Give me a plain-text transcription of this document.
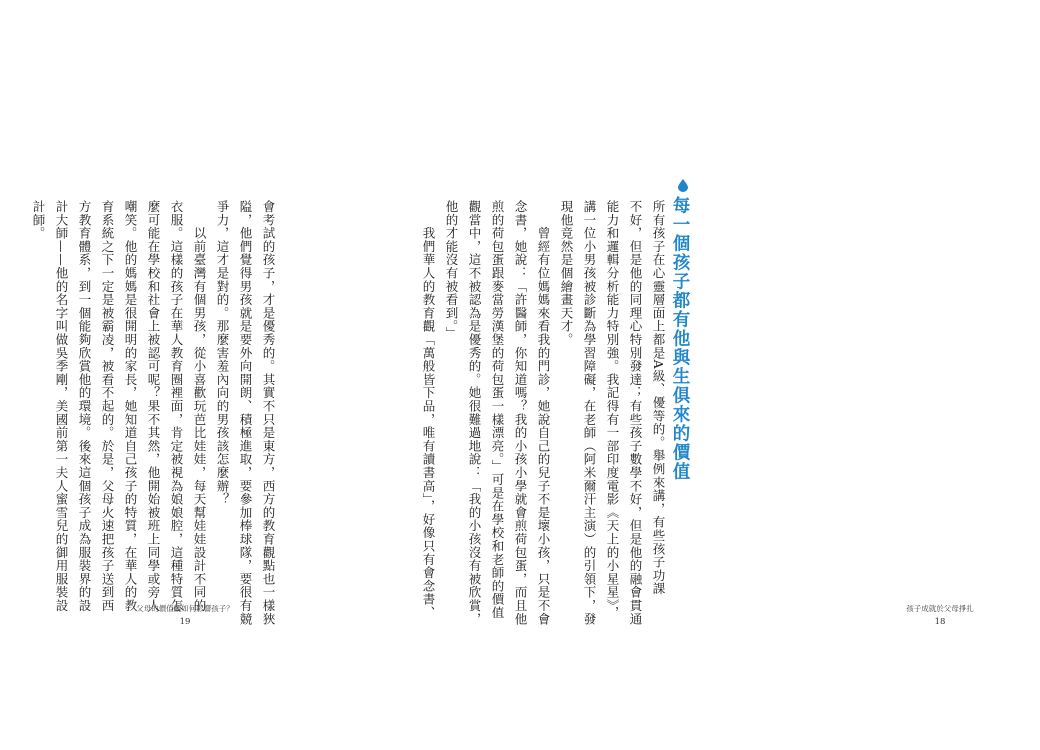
會考試的孩子，才是優秀的。其實不只是東方，西方的教育觀點也一樣狹

隘，他們覺得男孩就是要外向開朗、積極進取，要參加棒球隊，要很有競

爭力，這才是對的。那麼害羞內向的男孩該怎麼辦？

　　以前臺灣有個男孩，從小喜歡玩芭比娃娃，每天幫娃娃設計不同的

衣服。這樣的孩子在華人教育圈裡面，肯定被視為娘娘腔，這種特質怎

麼可能在學校和社會上被認可呢？果不其然，他開始被班上同學或旁人

嘲笑。他的媽媽是很開明的家長，她知道自己孩子的特質，在華人的教

育系統之下一定是被霸凌，被看不起的。於是，父母火速把孩子送到西

方教育體系，到一個能夠欣賞他的環境。後來這個孩子成為服裝界的設

計大師——他的名字叫做吳季剛，美國前第一夫人蜜雪兒的御用服裝設

計師。

父母的價值觀如何影響孩子？
19

所有孩子在心靈層面上都是A級、優等的。舉例來講，有些孩子功課

不好，但是他的同理心特別發達；有些孩子數學不好，但是他的融會貫通

能力和邏輯分析能力特別強。我記得有一部印度電影《天上的小星星》，

講一位小男孩被診斷為學習障礙，在老師（阿米爾汗主演）的引領下，發

現他竟然是個繪畫天才。

　　曾經有位媽媽來看我的門診，她說自己的兒子不是壞小孩，只是不會

念書，她說：「許醫師，你知道嗎？我的小孩小學就會煎荷包蛋，而且他

煎的荷包蛋跟麥當勞漢堡的荷包蛋一樣漂亮。」可是在學校和老師的價值

觀當中，這不被認為是優秀的。她很難過地說：「我的小孩沒有被欣賞，

他的才能沒有被看到。」

　　我們華人的教育觀「萬般皆下品，唯有讀書高」，好像只有會念書、	孩子成就於父母掙扎
18
每一個孩子都有他與生俱來的價值
